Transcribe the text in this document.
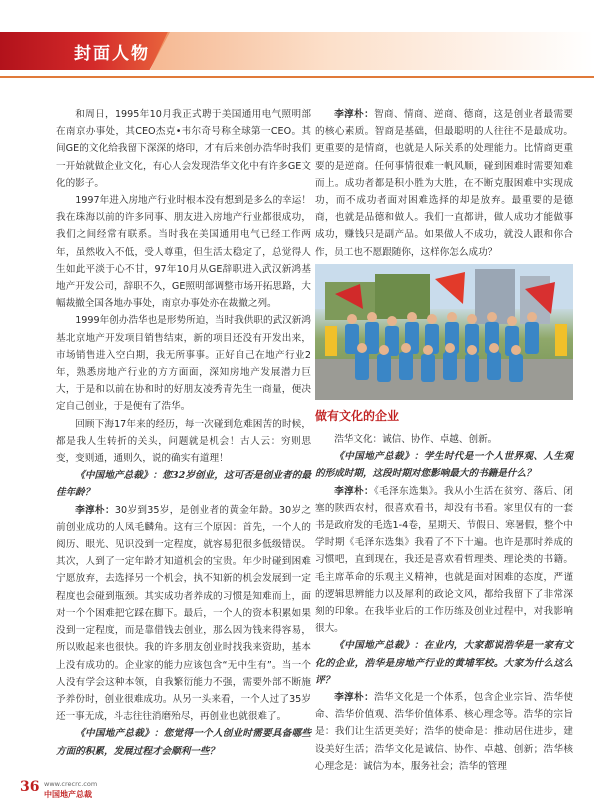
封面人物

和周日，1995年10月我正式聘于美国通用电气照明部在南京办事处，其CEO杰克•韦尔奇号称全球第一CEO。其间GE的文化给我留下深深的烙印，才有后来创办浩华时我们一开始就做企业文化，有心人会发现浩华文化中有许多GE文化的影子。

1997年进入房地产行业时根本没有想到是多么的幸运！我在珠海以前的许多同事、朋友进入房地产行业都很成功，我们之间经常有联系。当时我在美国通用电气已经工作两年，虽然收入不低，受人尊重，但生活太稳定了，总觉得人生如此平淡于心不甘，97年10月从GE辞职进入武汉新鸿基地产开发公司，辞职不久，GE照明部调整市场开拓思路，大幅裁撤全国各地办事处，南京办事处亦在裁撤之列。

1999年创办浩华也是形势所迫，当时我供职的武汉新鸿基北京地产开发项目销售结束，新的项目还没有开发出来，市场销售进入空白期，我无所事事。正好自己在地产行业2年，熟悉房地产行业的方方面面，深知房地产发展潜力巨大，于是和以前在协和时的好朋友凌秀青先生一商量，便决定自己创业，于是便有了浩华。

回顾下海17年来的经历，每一次碰到危难困苦的时候，都是我人生转折的关头，问题就是机会！古人云：穷则思变，变则通，通则久，说的确实有道理！

《中国地产总裁》：您32岁创业，这可否是创业者的最佳年龄？

李淳朴：30岁到35岁，是创业者的黄金年龄。30岁之前创业成功的人凤毛麟角。这有三个原因：首先，一个人的阅历、眼光、见识没到一定程度，就容易犯很多低级错误。其次，人到了一定年龄才知道机会的宝贵。年少时碰到困难宁愿放弃，去选择另一个机会，执不知新的机会发展到一定程度也会碰到瓶颈。其实成功者养成的习惯是知难而上，面对一个个困难把它踩在脚下。最后，一个人的资本积累如果没到一定程度，而是靠借钱去创业，那么因为钱来得容易，所以败起来也很快。我的许多朋友创业时找我来资助，基本上没有成功的。企业家的能力应该包含“无中生有”。当一个人没有学会这种本领，自我繁衍能力不强，需要外部不断施予养份时，创业很难成功。从另一头来看，一个人过了35岁还一事无成，斗志往往消磨殆尽，再创业也就很难了。

《中国地产总裁》：您觉得一个人创业时需要具备哪些方面的积累，发展过程才会顺利一些？

李淳朴：智商、情商、逆商、德商，这是创业者最需要的核心素质。智商是基础，但最聪明的人往往不是最成功。更重要的是情商，也就是人际关系的处理能力。比情商更重要的是逆商。任何事情很难一帆风顺，碰到困难时需要知难而上。成功者都是积小胜为大胜，在不断克服困难中实现成功，而不成功者面对困难选择的却是放弃。最重要的是德商，也就是品德和做人。我们一直都讲，做人成功才能做事成功，赚钱只是副产品。如果做人不成功，就没人跟和你合作，员工也不愿跟随你，这样你怎么成功？

做有文化的企业

浩华文化：诚信、协作、卓越、创新。

《中国地产总裁》：学生时代是一个人世界观、人生观的形成时期，这段时期对您影响最大的书籍是什么？

李淳朴：《毛泽东选集》。我从小生活在贫穷、落后、闭塞的陕西农村，很喜欢看书，却没有书看。家里仅有的一套书是政府发的毛选1-4卷，星期天、节假日、寒暑假，整个中学时期《毛泽东选集》我看了不下十遍。也许是那时养成的习惯吧，直到现在，我还是喜欢看哲理类、理论类的书籍。毛主席革命的乐观主义精神，也就是面对困难的态度，严谨的逻辑思辨能力以及犀利的政论文风，都给我留下了非常深刻的印象。在我毕业后的工作历练及创业过程中，对我影响很大。

《中国地产总裁》：在业内，大家都说浩华是一家有文化的企业，浩华是房地产行业的黄埔军校。大家为什么这么评？

李淳朴：浩华文化是一个体系，包含企业宗旨、浩华使命、浩华价值观、浩华价值体系、核心理念等。浩华的宗旨是：我们让生活更美好；浩华的使命是：推动居住进步，建设美好生活；浩华文化是诚信、协作、卓越、创新；浩华核心理念是：诚信为本，服务社会；浩华的管理

36 www.crecrc.com
中国地产总裁
